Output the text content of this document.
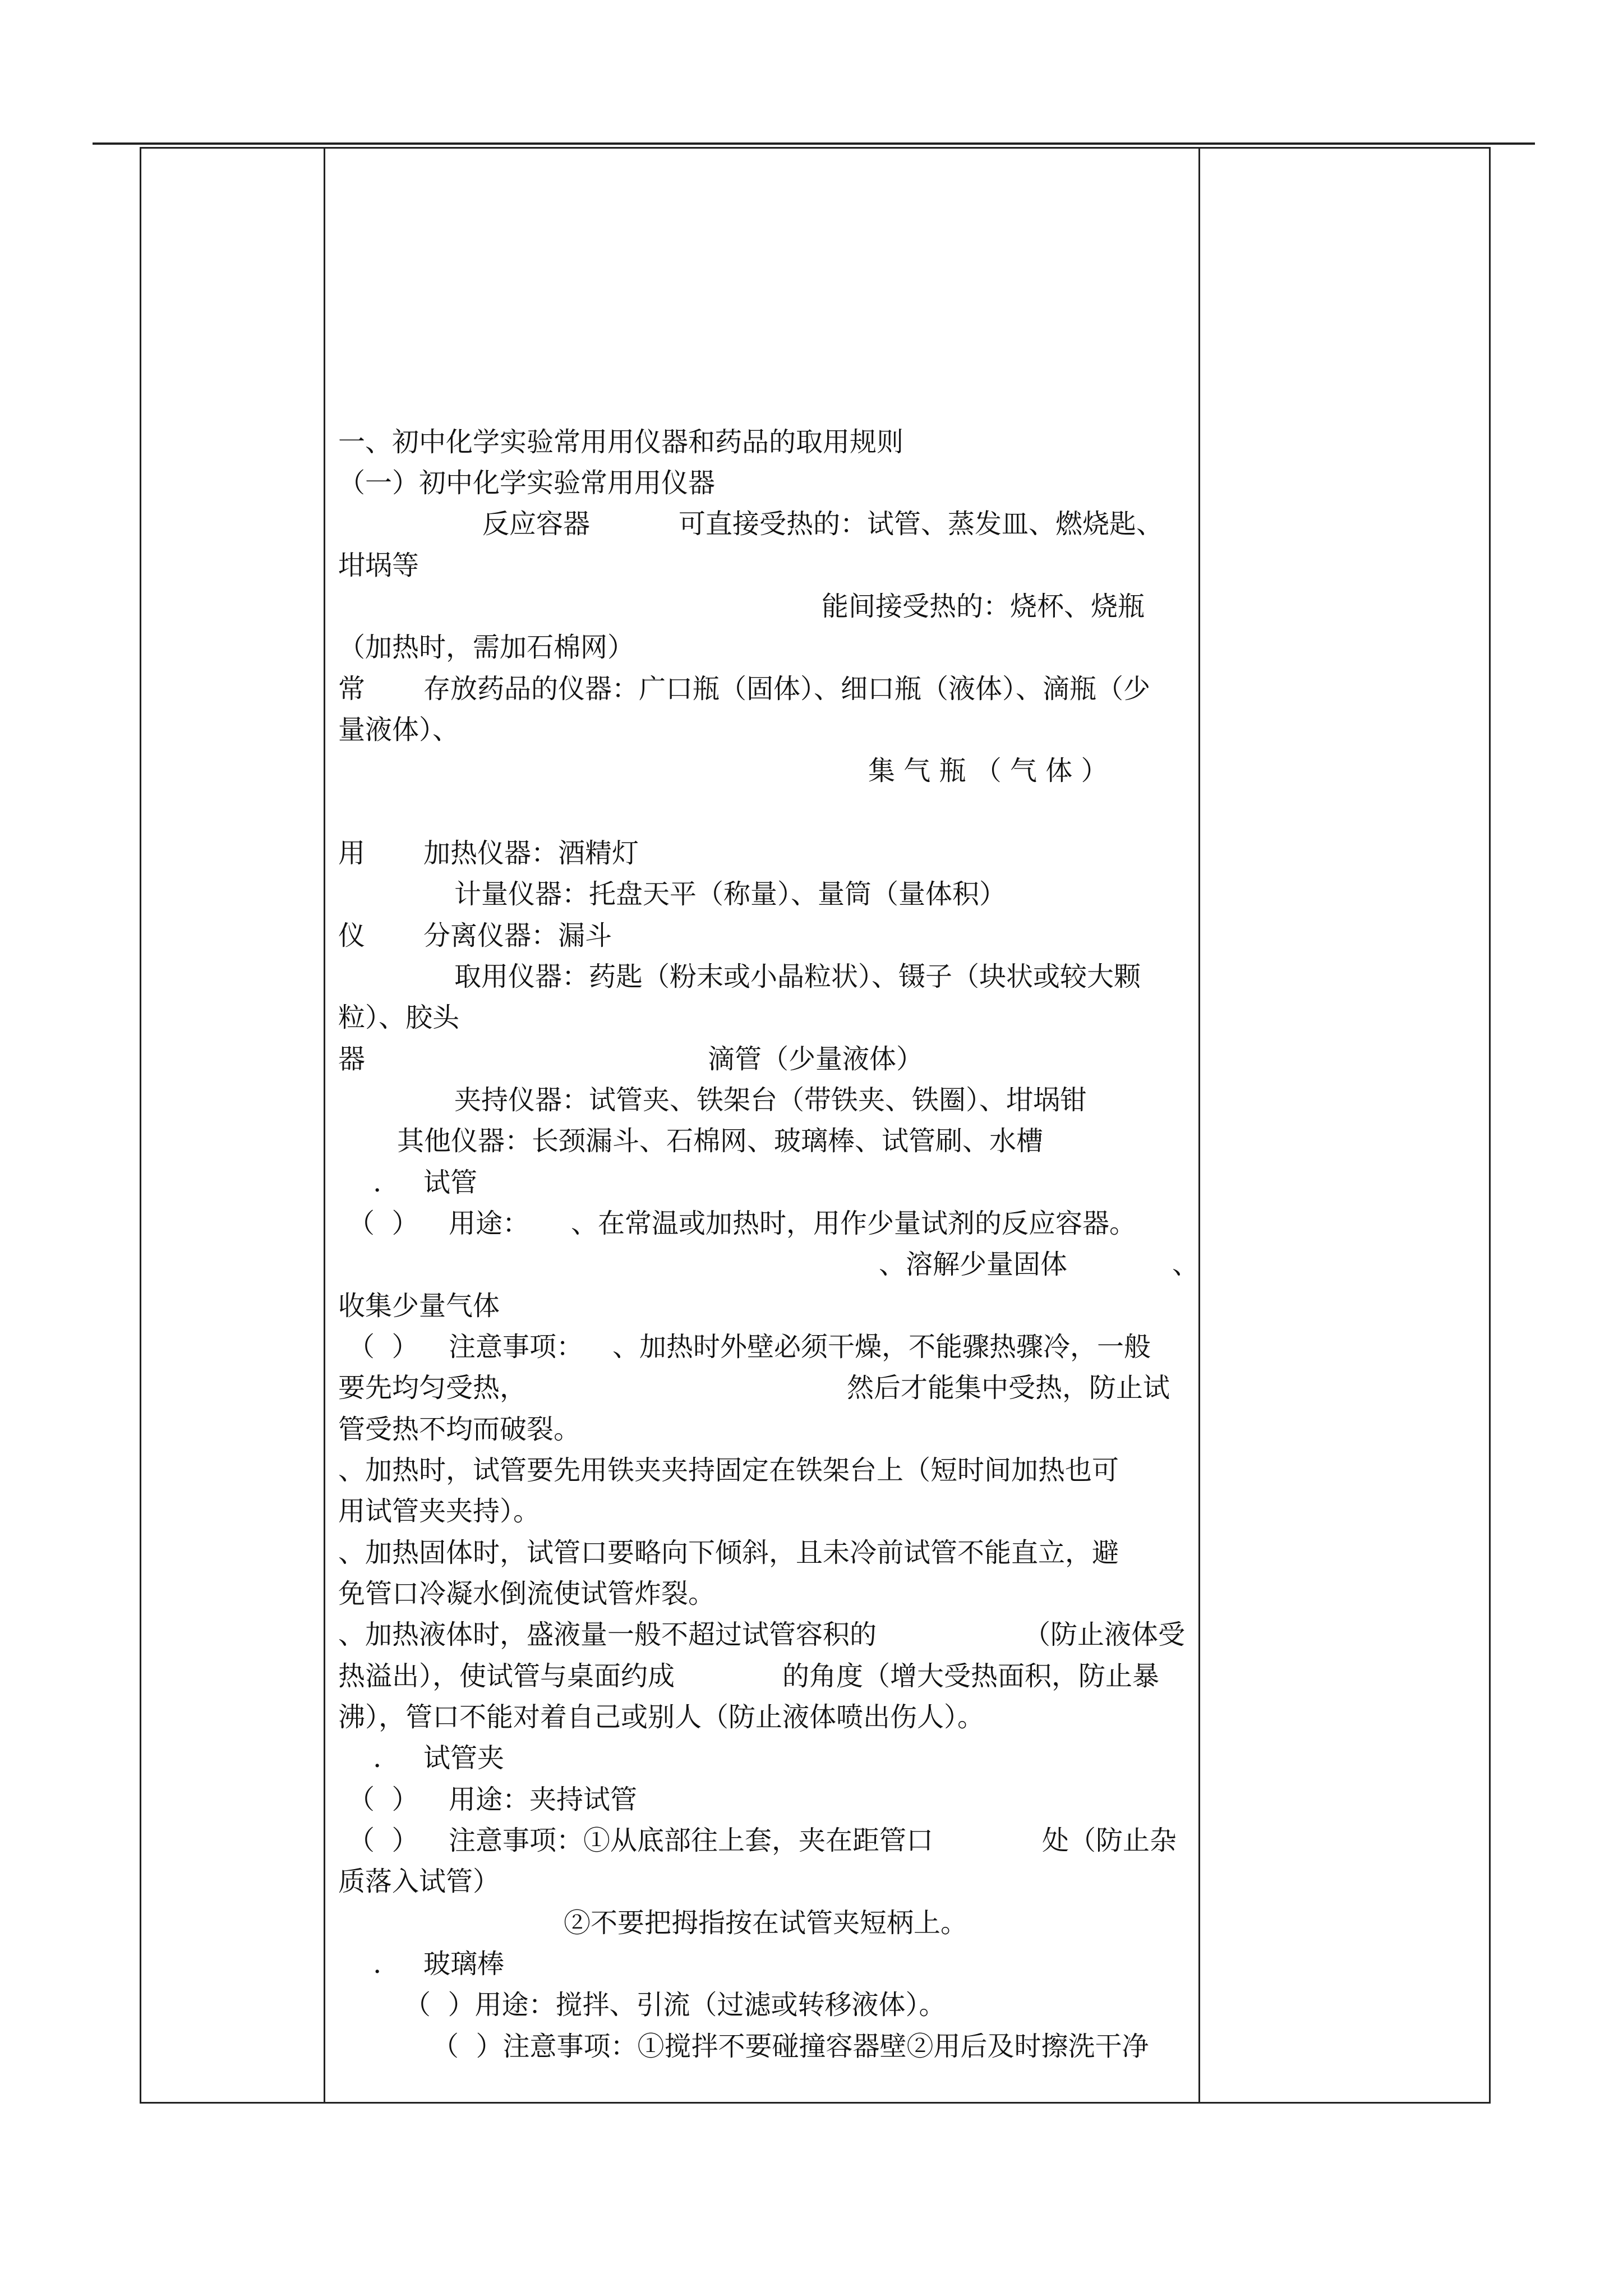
一、初中化学实验常用用仪器和药品的取用规则
（一）初中化学实验常用用仪器
反应容器	可直接受热的：试管、蒸发皿、燃烧匙、
坩埚等
能间接受热的：烧杯、烧瓶
（加热时，需加石棉网）
常 存放药品的仪器：广口瓶（固体）、细口瓶（液体）、滴瓶（少
量液体）、
集 气 瓶 （ 气 体 ）
用 加热仪器：酒精灯
计量仪器：托盘天平（称量）、量筒（量体积）
仪 分离仪器：漏斗
取用仪器：药匙（粉末或小晶粒状）、镊子（块状或较大颗
粒）、胶头
器	滴管（少量液体）
夹持仪器：试管夹、铁架台（带铁夹、铁圈）、坩埚钳
其他仪器：长颈漏斗、石棉网、玻璃棒、试管刷、水槽
. 试管
（  ） 用途： 、在常温或加热时，用作少量试剂的反应容器。
、溶解少量固体	、
收集少量气体
（  ） 注意事项： 、加热时外壁必须干燥，不能骤热骤冷，一般
要先均匀受热，	然后才能集中受热，防止试
管受热不均而破裂。
、加热时，试管要先用铁夹夹持固定在铁架台上（短时间加热也可
用试管夹夹持）。
、加热固体时，试管口要略向下倾斜，且未冷前试管不能直立，避
免管口冷凝水倒流使试管炸裂。
、加热液体时，盛液量一般不超过试管容积的	（防止液体受
热溢出），使试管与桌面约成	的角度（增大受热面积，防止暴
沸），管口不能对着自己或别人（防止液体喷出伤人）。
. 试管夹
（  ） 用途：夹持试管
（  ） 注意事项：①从底部往上套，夹在距管口	处（防止杂
质落入试管）
②不要把拇指按在试管夹短柄上。
. 玻璃棒
（  ）用途：搅拌、引流（过滤或转移液体）。
（  ）注意事项：①搅拌不要碰撞容器壁②用后及时擦洗干净
